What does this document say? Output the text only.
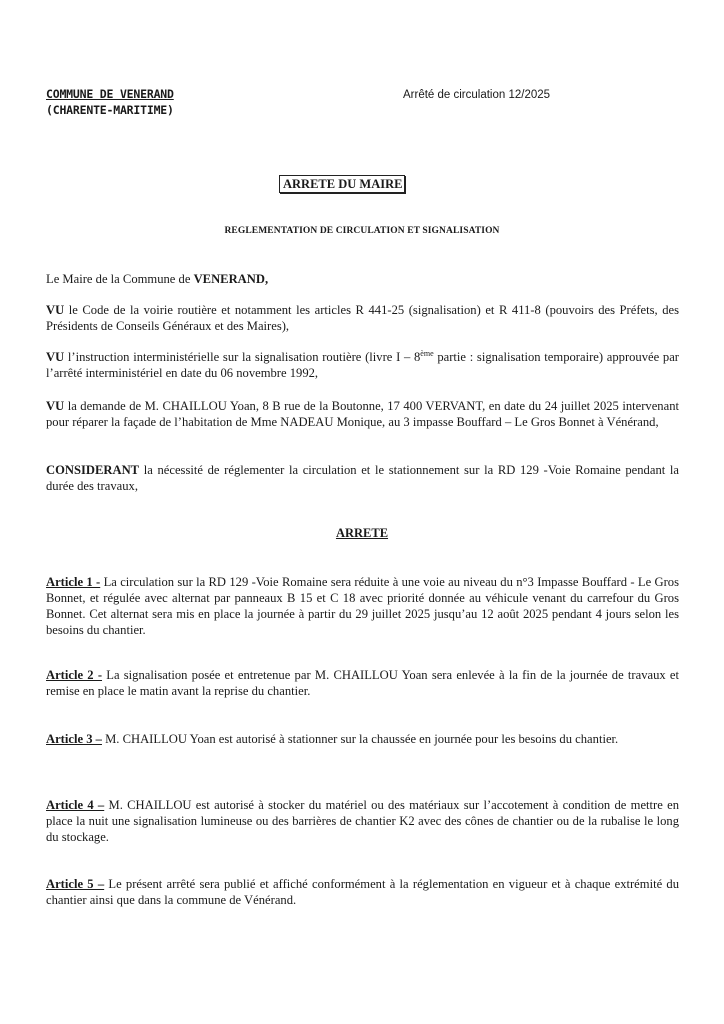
COMMUNE DE VENERAND
(CHARENTE-MARITIME)
Arrêté de circulation 12/2025
ARRETE DU MAIRE
REGLEMENTATION DE CIRCULATION ET SIGNALISATION
Le Maire de la Commune de VENERAND,
VU le Code de la voirie routière et notamment les articles R 441-25 (signalisation) et R 411-8 (pouvoirs des Préfets, des Présidents de Conseils Généraux et des Maires),
VU l’instruction interministérielle sur la signalisation routière (livre I – 8ème partie : signalisation temporaire) approuvée par l’arrêté interministériel en date du 06 novembre 1992,
VU la demande de M. CHAILLOU Yoan, 8 B rue de la Boutonne, 17 400 VERVANT, en date du 24 juillet 2025 intervenant pour réparer la façade de l’habitation de Mme NADEAU Monique, au 3 impasse Bouffard – Le Gros Bonnet à Vénérand,
CONSIDERANT la nécessité de réglementer la circulation et le stationnement sur la RD 129 -Voie Romaine pendant la durée des travaux,
ARRETE
Article 1 - La circulation sur la RD 129 -Voie Romaine sera réduite à une voie au niveau du n°3 Impasse Bouffard - Le Gros Bonnet, et régulée avec alternat par panneaux B 15 et C 18 avec priorité donnée au véhicule venant du carrefour du Gros Bonnet. Cet alternat sera mis en place la journée à partir du 29 juillet 2025 jusqu’au 12 août 2025 pendant 4 jours selon les besoins du chantier.
Article 2 - La signalisation posée et entretenue par M. CHAILLOU Yoan sera enlevée à la fin de la journée de travaux et remise en place le matin avant la reprise du chantier.
Article 3 – M. CHAILLOU Yoan est autorisé à stationner sur la chaussée en journée pour les besoins du chantier.
Article 4 – M. CHAILLOU est autorisé à stocker du matériel ou des matériaux sur l’accotement à condition de mettre en place la nuit une signalisation lumineuse ou des barrières de chantier K2 avec des cônes de chantier ou de la rubalise le long du stockage.
Article 5 – Le présent arrêté sera publié et affiché conformément à la réglementation en vigueur et à chaque extrémité du chantier ainsi que dans la commune de Vénérand.
